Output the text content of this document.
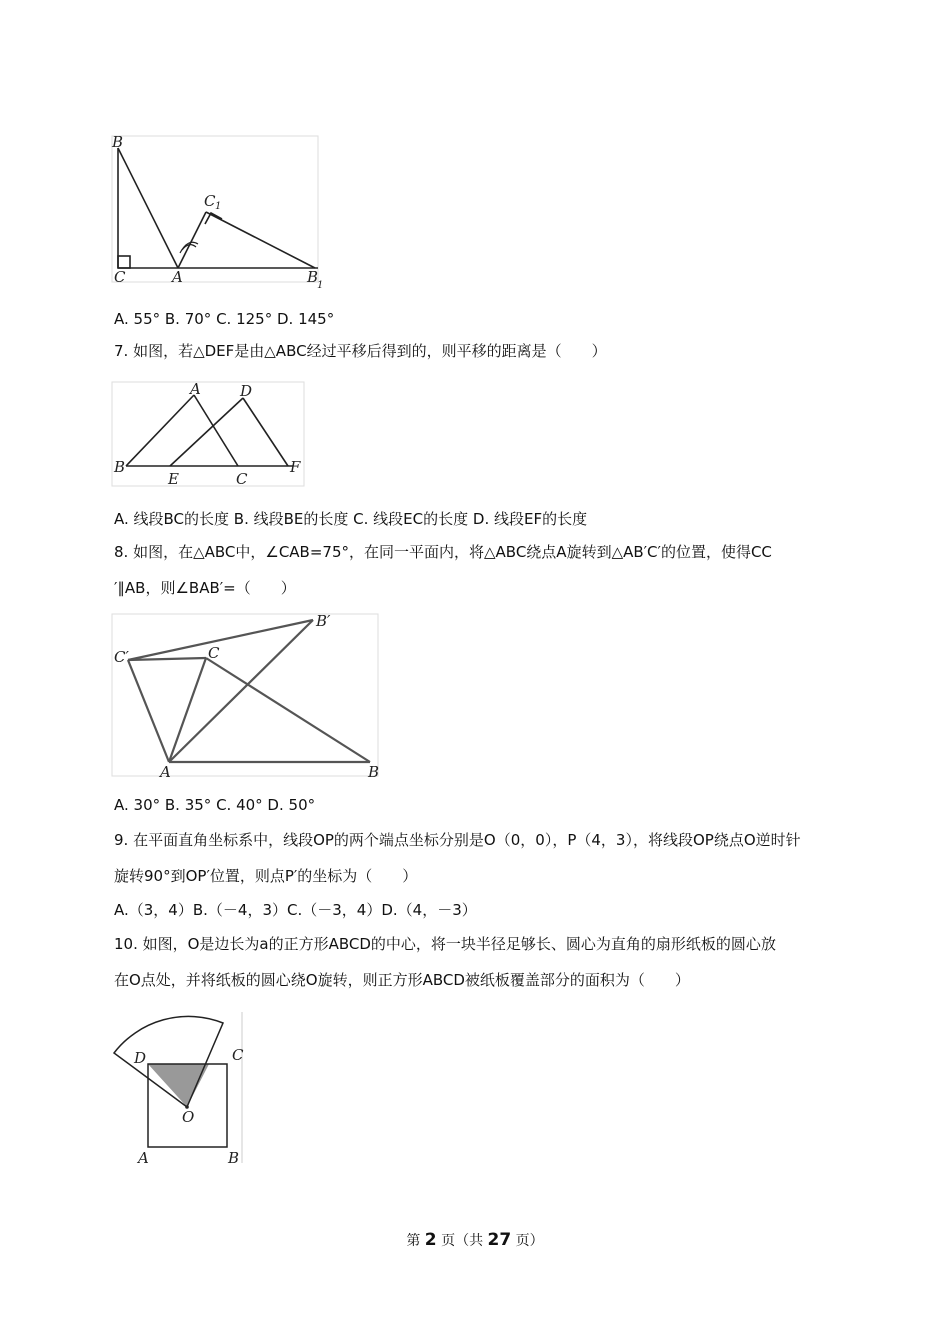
B
C	A
C 1
B
1
A. 55° B. 70° C. 125° D. 145°
7. 如图，若△DEF是由△ABC经过平移后得到的，则平移的距离是（　　）
A	D
B
E	C
F
A. 线段BC的长度 B. 线段BE的长度 C. 线段EC的长度 D. 线段EF的长度
8. 如图，在△ABC中，∠CAB=75°，在同一平面内，将△ABC绕点A旋转到△AB′C′的位置，使得CC
′∥AB，则∠BAB′=（　　）
B′
C′	C
A	B
A. 30° B. 35° C. 40° D. 50°
9. 在平面直角坐标系中，线段OP的两个端点坐标分别是O（0，0），P（4，3），将线段OP绕点O逆时针
旋转90°到OP′位置，则点P′的坐标为（　　）
A.（3，4）B.（－4，3）C.（－3，4）D.（4，－3）
10. 如图，O是边长为a的正方形ABCD的中心，将一块半径足够长、圆心为直角的扇形纸板的圆心放
在O点处，并将纸板的圆心绕O旋转，则正方形ABCD被纸板覆盖部分的面积为（　　）
D	C
O
A	B
第 2 页（共 27 页）
